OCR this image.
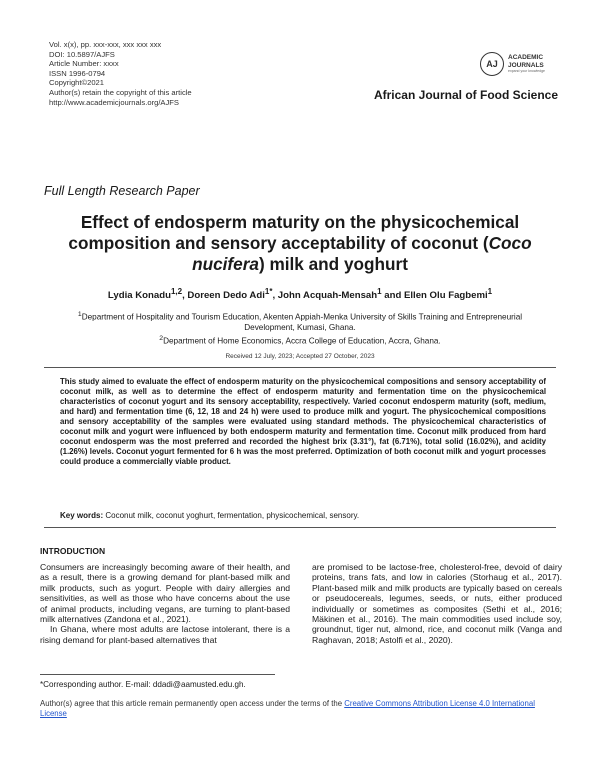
Vol. x(x), pp. xxx-xxx, xxx xxx xxx
DOI: 10.5897/AJFS
Article Number: xxxx
ISSN 1996-0794
Copyright©2021
Author(s) retain the copyright of this article
http://www.academicjournals.org/AJFS
AJ
ACADEMIC
JOURNALS
expand your knowledge
African Journal of Food Science
Full Length Research Paper
Effect of endosperm maturity on the physicochemical composition and sensory acceptability of coconut (Coco nucifera) milk and yoghurt
Lydia Konadu$^{1,2}$, Doreen Dedo Adi$^{1*}$, John Acquah-Mensah$^1$ and Ellen Olu Fagbemi$^1$
$^1$Department of Hospitality and Tourism Education, Akenten Appiah-Menka University of Skills Training and Entrepreneurial Development, Kumasi, Ghana.
$^2$Department of Home Economics, Accra College of Education, Accra, Ghana.
Received 12 July, 2023; Accepted 27 October, 2023
This study aimed to evaluate the effect of endosperm maturity on the physicochemical compositions and sensory acceptability of coconut milk, as well as to determine the effect of endosperm maturity and fermentation time on the physicochemical characteristics of coconut yogurt and its sensory acceptability, respectively. Varied coconut endosperm maturity (soft, medium, and hard) and fermentation time (6, 12, 18 and 24 h) were used to produce milk and yogurt. The physicochemical compositions and sensory acceptability of the samples were evaluated using standard methods. The physicochemical characteristics of coconut milk and yogurt were influenced by both endosperm maturity and fermentation time. Coconut milk produced from hard coconut endosperm was the most preferred and recorded the highest brix (3.31°), fat (6.71%), total solid (16.02%), and acidity (1.26%) levels. Coconut yogurt fermented for 6 h was the most preferred. Optimization of both coconut milk and yogurt processes could produce a commercially viable product.
Key words: Coconut milk, coconut yoghurt, fermentation, physicochemical, sensory.
INTRODUCTION

Consumers are increasingly becoming aware of their health, and as a result, there is a growing demand for plant-based milk and milk products, such as yogurt. People with dairy allergies and sensitivities, as well as those who have concerns about the use of animal products, including vegans, are turning to plant-based milk alternatives (Zandona et al., 2021).

In Ghana, where most adults are lactose intolerant, there is a rising demand for plant-based alternatives that

are promised to be lactose-free, cholesterol-free, devoid of dairy proteins, trans fats, and low in calories (Storhaug et al., 2017). Plant-based milk and milk products are typically based on cereals or pseudocereals, legumes, seeds, or nuts, either produced individually or sometimes as composites (Sethi et al., 2016; Mäkinen et al., 2016). The main commodities used include soy, groundnut, tiger nut, almond, rice, and coconut milk (Vanga and Raghavan, 2018; Astolfi et al., 2020).

*Corresponding author. E-mail: ddadi@aamusted.edu.gh.
Author(s) agree that this article remain permanently open access under the terms of the Creative Commons Attribution License 4.0 International License
